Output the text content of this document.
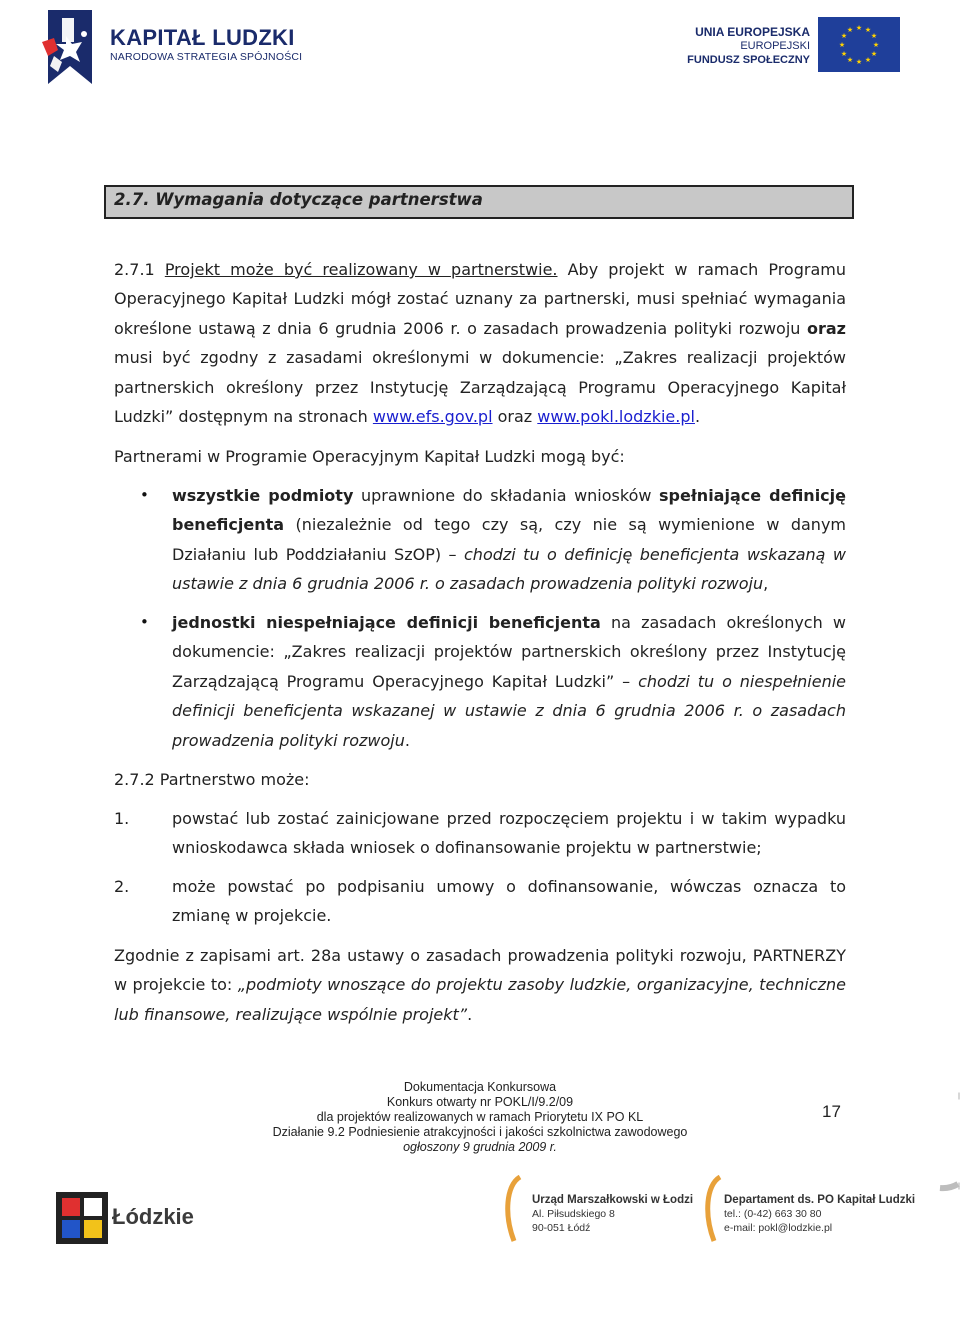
KAPITAŁ LUDZKI
NARODOWA STRATEGIA SPÓJNOŚCI
UNIA EUROPEJSKA
EUROPEJSKI
FUNDUSZ SPOŁECZNY
★ ★
★
★
★
★
★
★
★
★
★
★
2.7. Wymagania dotyczące partnerstwa
2.7.1 Projekt może być realizowany w partnerstwie. Aby projekt w ramach Programu Operacyjnego Kapitał Ludzki mógł zostać uznany za partnerski, musi spełniać wymagania określone ustawą z dnia 6 grudnia 2006 r. o zasadach prowadzenia polityki rozwoju oraz musi być zgodny z zasadami określonymi w dokumencie: „Zakres realizacji projektów partnerskich określony przez Instytucję Zarządzającą Programu Operacyjnego Kapitał Ludzki” dostępnym na stronach www.efs.gov.pl oraz www.pokl.lodzkie.pl.
Partnerami w Programie Operacyjnym Kapitał Ludzki mogą być:
• wszystkie podmioty uprawnione do składania wniosków spełniające definicję beneficjenta (niezależnie od tego czy są, czy nie są wymienione w danym Działaniu lub Poddziałaniu SzOP) – chodzi tu o definicję beneficjenta wskazaną w ustawie z dnia 6 grudnia 2006 r. o zasadach prowadzenia polityki rozwoju,
• jednostki niespełniające definicji beneficjenta na zasadach określonych w dokumencie: „Zakres realizacji projektów partnerskich określony przez Instytucję Zarządzającą Programu Operacyjnego Kapitał Ludzki” – chodzi tu o niespełnienie definicji beneficjenta wskazanej w ustawie z dnia 6 grudnia 2006 r. o zasadach prowadzenia polityki rozwoju.
2.7.2 Partnerstwo może:
1.	powstać lub zostać zainicjowane przed rozpoczęciem projektu i w takim wypadku wnioskodawca składa wniosek o dofinansowanie projektu w partnerstwie;
2.	może powstać po podpisaniu umowy o dofinansowanie, wówczas oznacza to zmianę w projekcie.
Zgodnie z zapisami art. 28a ustawy o zasadach prowadzenia polityki rozwoju, PARTNERZY w projekcie to: „podmioty wnoszące do projektu zasoby ludzkie, organizacyjne, techniczne lub finansowe, realizujące wspólnie projekt”.
Dokumentacja Konkursowa
Konkurs otwarty nr POKL/I/9.2/09
dla projektów realizowanych w ramach Priorytetu IX PO KL
Działanie 9.2 Podniesienie atrakcyjności i jakości szkolnictwa zawodowego
ogłoszony 9 grudnia 2009 r.
17
Łódzkie
Urząd Marszałkowski w Łodzi
Al. Piłsudskiego 8
90-051 Łódź
Departament ds. PO Kapitał Ludzki
tel.: (0-42) 663 30 80
e-mail: pokl@lodzkie.pl
